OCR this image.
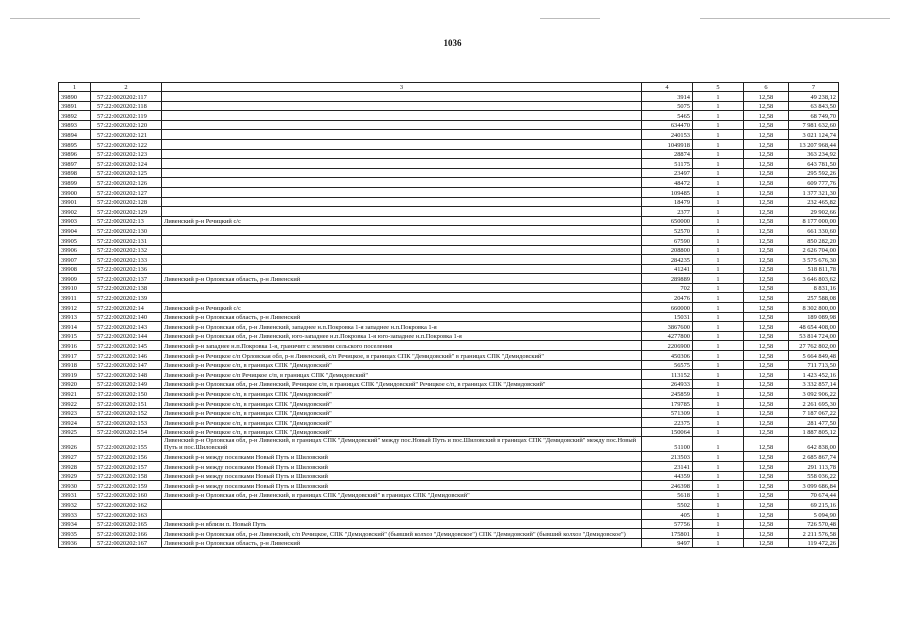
1036
1	2	3	4	5	6	7
39890	57:22:0020202:117		3914	1	12,58	49 238,12
39891	57:22:0020202:118		5075	1	12,58	63 843,50
39892	57:22:0020202:119		5465	1	12,58	68 749,70
39893	57:22:0020202:120		634470	1	12,58	7 981 632,60
39894	57:22:0020202:121		240153	1	12,58	3 021 124,74
39895	57:22:0020202:122		1049918	1	12,58	13 207 968,44
39896	57:22:0020202:123		28874	1	12,58	363 234,92
39897	57:22:0020202:124		51175	1	12,58	643 781,50
39898	57:22:0020202:125		23497	1	12,58	295 592,26
39899	57:22:0020202:126		48472	1	12,58	609 777,76
39900	57:22:0020202:127		109485	1	12,58	1 377 321,30
39901	57:22:0020202:128		18479	1	12,58	232 465,82
39902	57:22:0020202:129		2377	1	12,58	29 902,66
39903	57:22:0020202:13	Ливенский р-н Речицкий с/с	650000	1	12,58	8 177 000,00
39904	57:22:0020202:130		52570	1	12,58	661 330,60
39905	57:22:0020202:131		67590	1	12,58	850 282,20
39906	57:22:0020202:132		208800	1	12,58	2 626 704,00
39907	57:22:0020202:133		284235	1	12,58	3 575 676,30
39908	57:22:0020202:136		41241	1	12,58	518 811,78
39909	57:22:0020202:137	Ливенский р-н Орловская область, р-н Ливенский	289889	1	12,58	3 646 803,62
39910	57:22:0020202:138		702	1	12,58	8 831,16
39911	57:22:0020202:139		20476	1	12,58	257 588,08
39912	57:22:0020202:14	Ливенский р-н Речицкий с/с	660000	1	12,58	8 302 800,00
39913	57:22:0020202:140	Ливенский р-н Орловская область, р-н Ливенский	15031	1	12,58	189 089,98
39914	57:22:0020202:143	Ливенский р-н Орловская обл, р-н Ливенский, западнее н.п.Покровка 1-я западнее н.п.Покровка 1-я	3867600	1	12,58	48 654 408,00
39915	57:22:0020202:144	Ливенский р-н Орловская обл, р-н Ливенский, юго-западнее н.п.Покровка 1-я юго-западнее н.п.Покровка 1-я	4277800	1	12,58	53 814 724,00
39916	57:22:0020202:145	Ливенский р-н западнее н.п.Покровка 1-я, граничит с землями сельского поселения	2206900	1	12,58	27 762 802,00
39917	57:22:0020202:146	Ливенский р-н Речицкое с/п Орловская обл, р-н Ливенский, с/п Речицкое, в границах СПК "Демидовский" в границах СПК "Демидовский"	450306	1	12,58	5 664 849,48
39918	57:22:0020202:147	Ливенский р-н Речицкое с/п, в границах СПК "Демидовский"	56575	1	12,58	711 713,50
39919	57:22:0020202:148	Ливенский р-н Речицкое с/п Речицкое с/п, в границах СПК "Демидовский"	113152	1	12,58	1 423 452,16
39920	57:22:0020202:149	Ливенский р-н Орловская обл, р-н Ливенский, Речицкое с/п, в границах СПК "Демидовский" Речицкое с/п, в границах СПК "Демидовский"	264933	1	12,58	3 332 857,14
39921	57:22:0020202:150	Ливенский р-н Речицкое с/п, в границах СПК "Демидовский"	245859	1	12,58	3 092 906,22
39922	57:22:0020202:151	Ливенский р-н Речицкое с/п, в границах СПК "Демидовский"	179785	1	12,58	2 261 695,30
39923	57:22:0020202:152	Ливенский р-н Речицкое с/п, в границах СПК "Демидовский"	571309	1	12,58	7 187 067,22
39924	57:22:0020202:153	Ливенский р-н Речицкое с/п, в границах СПК "Демидовский"	22375	1	12,58	281 477,50
39925	57:22:0020202:154	Ливенский р-н Речицкое с/п, в границах СПК "Демидовский"	150064	1	12,58	1 887 805,12
39926	57:22:0020202:155	Ливенский р-н Орловская обл, р-н Ливенский, в границах СПК "Демидовский" между пос.Новый Путь и пос.Шиловский в границах СПК "Демидовский" между пос.Новый Путь и пос.Шиловский	51100	1	12,58	642 838,00
39927	57:22:0020202:156	Ливенский р-н между поселками Новый Путь и Шиловский	213503	1	12,58	2 685 867,74
39928	57:22:0020202:157	Ливенский р-н между поселками Новый Путь и Шиловский	23141	1	12,58	291 113,78
39929	57:22:0020202:158	Ливенский р-н между поселками Новый Путь и Шиловский	44359	1	12,58	558 036,22
39930	57:22:0020202:159	Ливенский р-н между поселками Новый Путь и Шиловский	246398	1	12,58	3 099 686,84
39931	57:22:0020202:160	Ливенский р-н Орловская обл, р-н Ливенский, в границах СПК "Демидовский" в границах СПК "Демидовский"	5618	1	12,58	70 674,44
39932	57:22:0020202:162		5502	1	12,58	69 215,16
39933	57:22:0020202:163		405	1	12,58	5 094,90
39934	57:22:0020202:165	Ливенский р-н вблизи п. Новый Путь	57756	1	12,58	726 570,48
39935	57:22:0020202:166	Ливенский р-н Орловская обл, р-н Ливенский, с/п Речицкое, СПК "Демидовский" (бывший колхоз "Демидовское") СПК "Демидовский" (бывший колхоз "Демидовское")	175801	1	12,58	2 211 576,58
39936	57:22:0020202:167	Ливенский р-н Орловская область, р-н Ливенский	9497	1	12,58	119 472,26
